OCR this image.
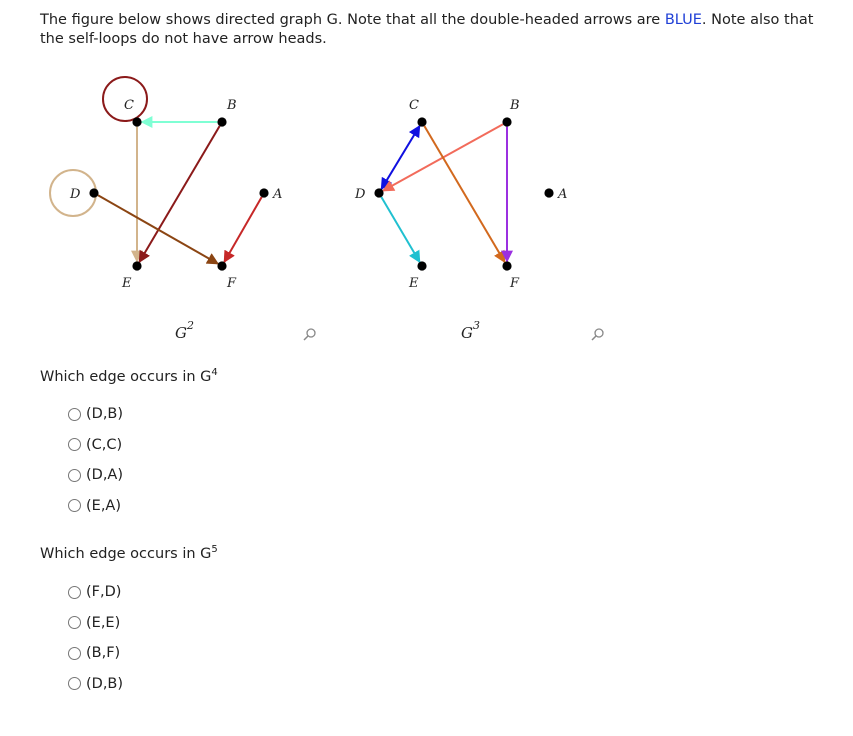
The figure below shows directed graph G. Note that all the double-headed arrows are BLUE. Note also that the self-loops do not have arrow heads.
C	B
D	A
E	F
G 2
C	B
D	A
E	F
G 3
Which edge occurs in $G^4$
(D,B)
(C,C)
(D,A)
(E,A)
Which edge occurs in $G^5$
(F,D)
(E,E)
(B,F)
(D,B)
